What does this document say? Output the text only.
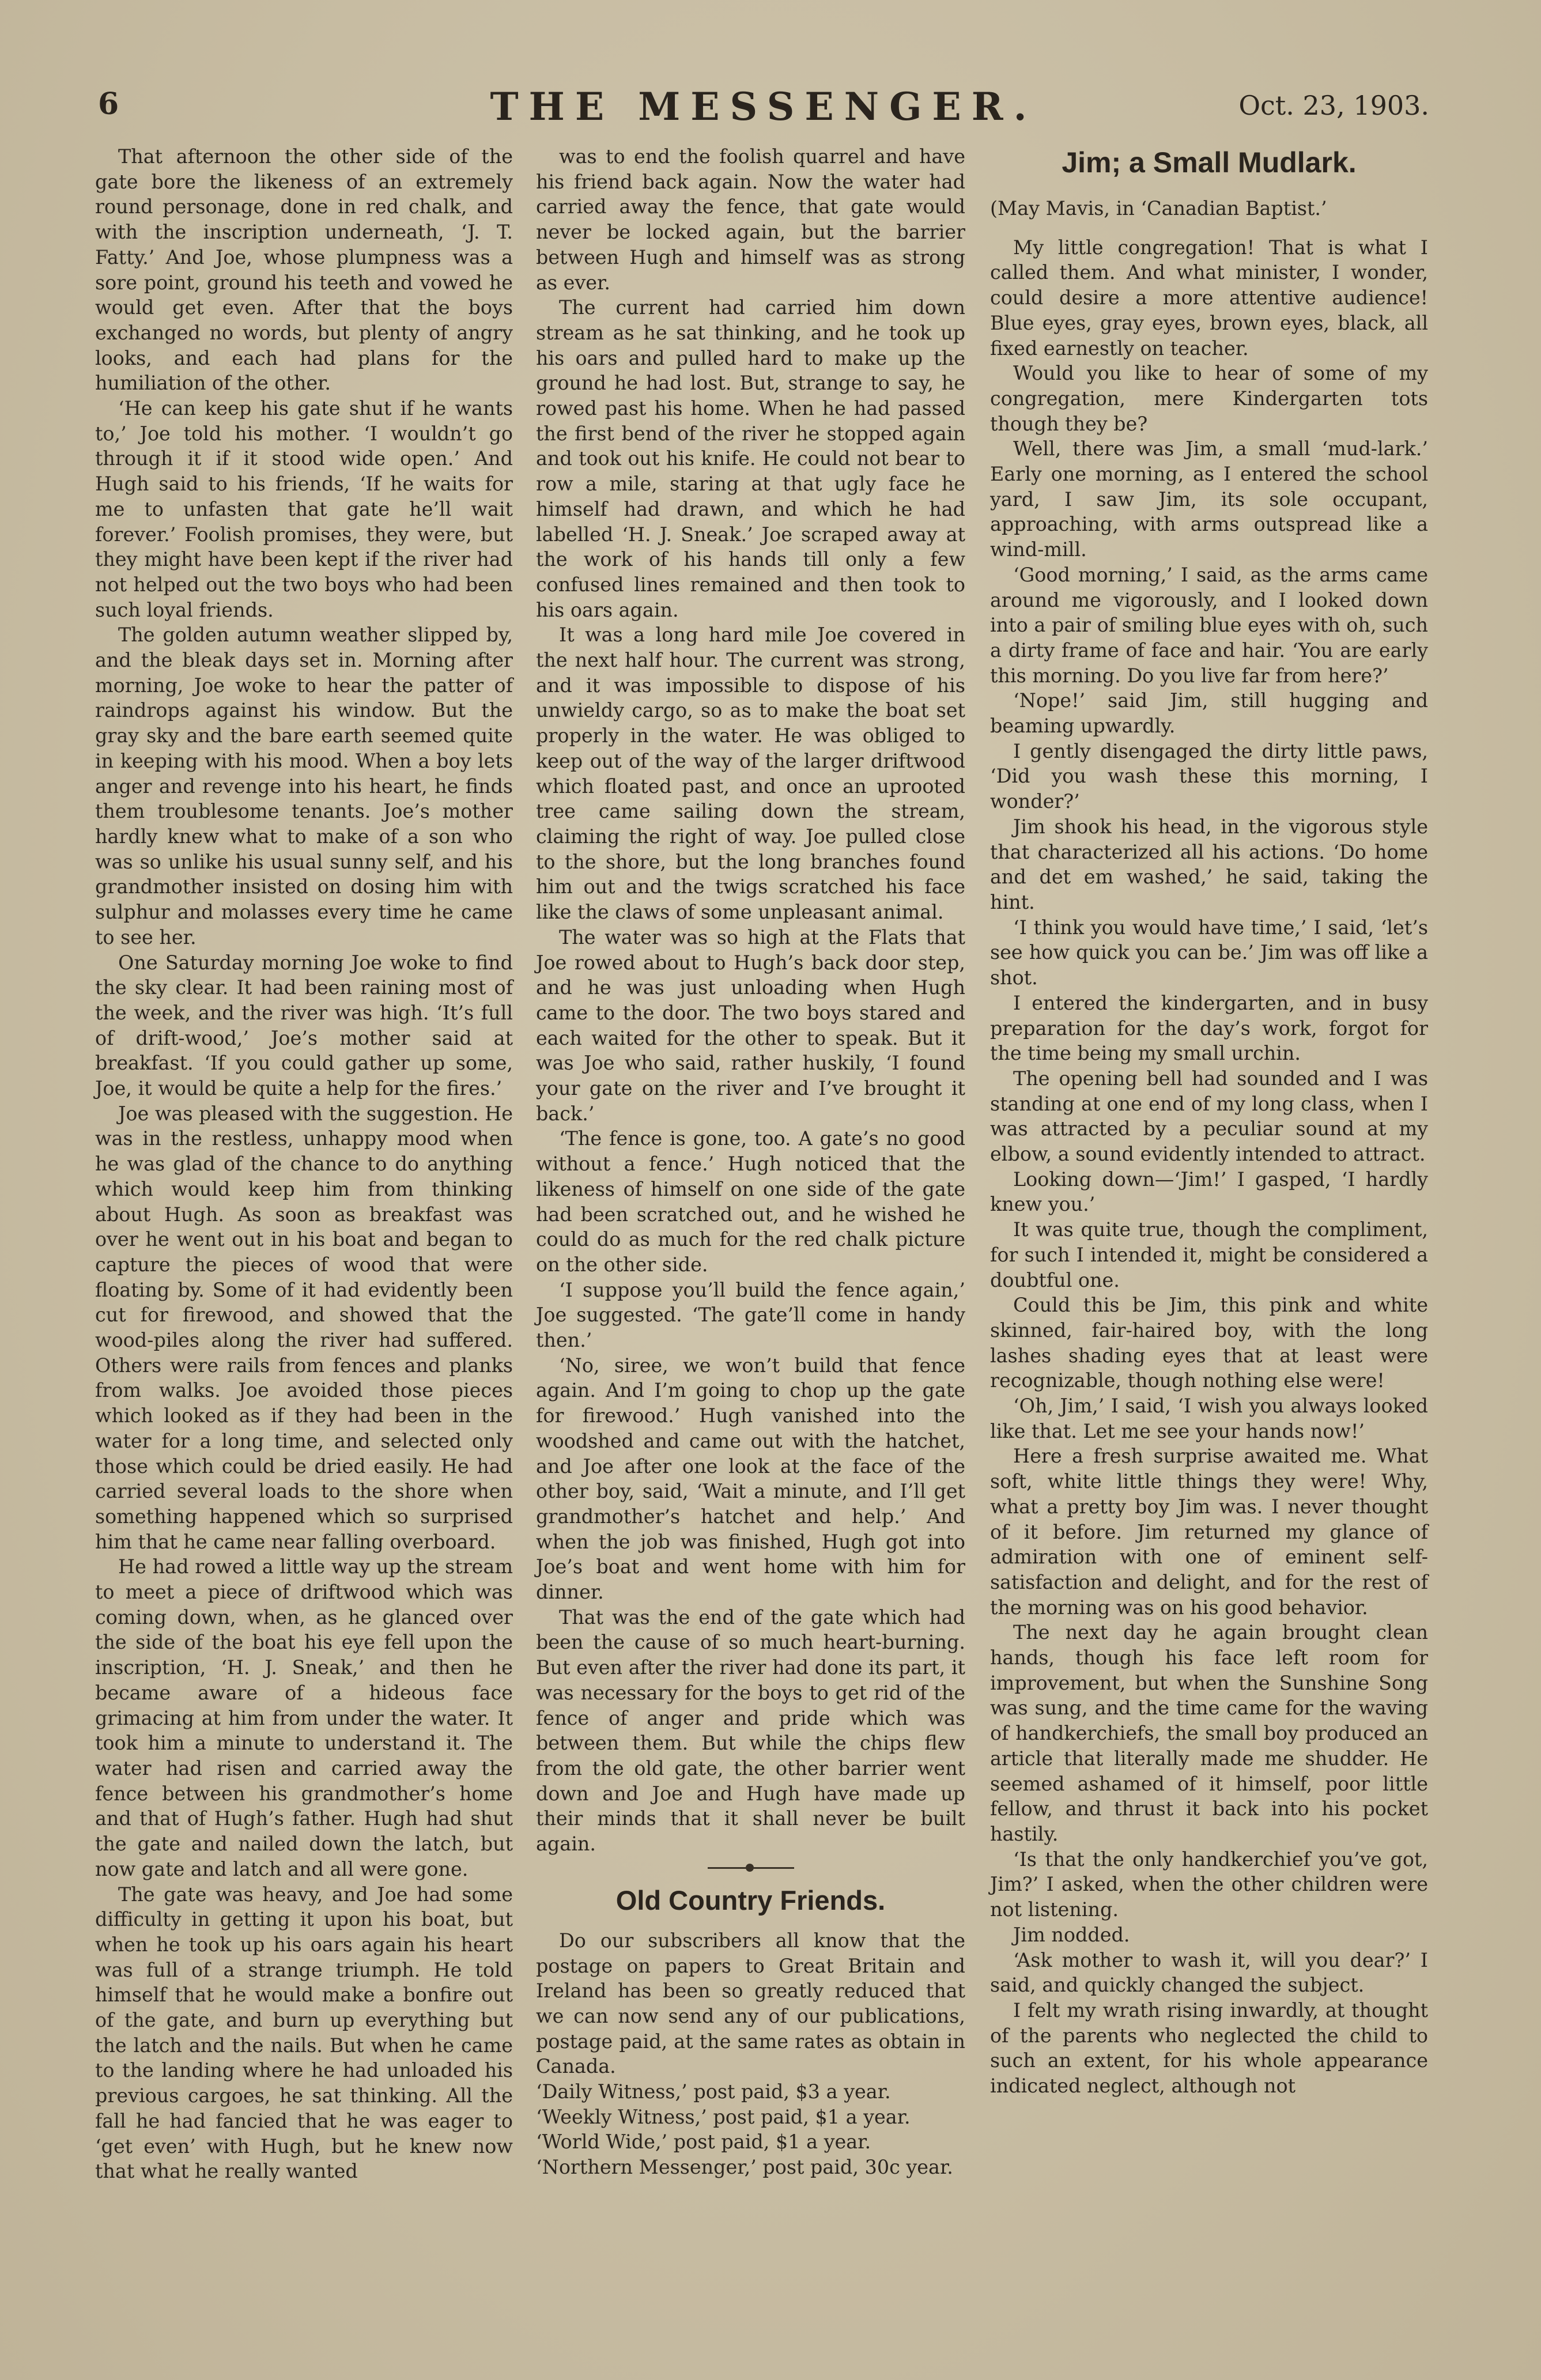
6	THE MESSENGER.	Oct. 23, 1903.

That afternoon the other side of the gate bore the likeness of an extremely round personage, done in red chalk, and with the inscription underneath, ‘J. T. Fatty.’ And Joe, whose plumpness was a sore point, ground his teeth and vowed he would get even. After that the boys exchanged no words, but plenty of angry looks, and each had plans for the humiliation of the other.

‘He can keep his gate shut if he wants to,’ Joe told his mother. ‘I wouldn’t go through it if it stood wide open.’ And Hugh said to his friends, ‘If he waits for me to unfasten that gate he’ll wait forever.’ Foolish promises, they were, but they might have been kept if the river had not helped out the two boys who had been such loyal friends.

The golden autumn weather slipped by, and the bleak days set in. Morning after morning, Joe woke to hear the patter of raindrops against his window. But the gray sky and the bare earth seemed quite in keeping with his mood. When a boy lets anger and revenge into his heart, he finds them troublesome tenants. Joe’s mother hardly knew what to make of a son who was so unlike his usual sunny self, and his grandmother insisted on dosing him with sulphur and molasses every time he came to see her.

One Saturday morning Joe woke to find the sky clear. It had been raining most of the week, and the river was high. ‘It’s full of drift-wood,’ Joe’s mother said at breakfast. ‘If you could gather up some, Joe, it would be quite a help for the fires.’

Joe was pleased with the suggestion. He was in the restless, unhappy mood when he was glad of the chance to do anything which would keep him from thinking about Hugh. As soon as breakfast was over he went out in his boat and began to capture the pieces of wood that were floating by. Some of it had evidently been cut for firewood, and showed that the wood-piles along the river had suffered. Others were rails from fences and planks from walks. Joe avoided those pieces which looked as if they had been in the water for a long time, and selected only those which could be dried easily. He had carried several loads to the shore when something happened which so surprised him that he came near falling overboard.

He had rowed a little way up the stream to meet a piece of driftwood which was coming down, when, as he glanced over the side of the boat his eye fell upon the inscription, ‘H. J. Sneak,’ and then he became aware of a hideous face grimacing at him from under the water. It took him a minute to understand it. The water had risen and carried away the fence between his grandmother’s home and that of Hugh’s father. Hugh had shut the gate and nailed down the latch, but now gate and latch and all were gone.

The gate was heavy, and Joe had some difficulty in getting it upon his boat, but when he took up his oars again his heart was full of a strange triumph. He told himself that he would make a bonfire out of the gate, and burn up everything but the latch and the nails. But when he came to the landing where he had unloaded his previous cargoes, he sat thinking. All the fall he had fancied that he was eager to ‘get even’ with Hugh, but he knew now that what he really wanted

was to end the foolish quarrel and have his friend back again. Now the water had carried away the fence, that gate would never be locked again, but the barrier between Hugh and himself was as strong as ever.

The current had carried him down stream as he sat thinking, and he took up his oars and pulled hard to make up the ground he had lost. But, strange to say, he rowed past his home. When he had passed the first bend of the river he stopped again and took out his knife. He could not bear to row a mile, staring at that ugly face he himself had drawn, and which he had labelled ‘H. J. Sneak.’ Joe scraped away at the work of his hands till only a few confused lines remained and then took to his oars again.

It was a long hard mile Joe covered in the next half hour. The current was strong, and it was impossible to dispose of his unwieldy cargo, so as to make the boat set properly in the water. He was obliged to keep out of the way of the larger driftwood which floated past, and once an uprooted tree came sailing down the stream, claiming the right of way. Joe pulled close to the shore, but the long branches found him out and the twigs scratched his face like the claws of some unpleasant animal.

The water was so high at the Flats that Joe rowed about to Hugh’s back door step, and he was just unloading when Hugh came to the door. The two boys stared and each waited for the other to speak. But it was Joe who said, rather huskily, ‘I found your gate on the river and I’ve brought it back.’

‘The fence is gone, too. A gate’s no good without a fence.’ Hugh noticed that the likeness of himself on one side of the gate had been scratched out, and he wished he could do as much for the red chalk picture on the other side.

‘I suppose you’ll build the fence again,’ Joe suggested. ‘The gate’ll come in handy then.’

‘No, siree, we won’t build that fence again. And I’m going to chop up the gate for firewood.’ Hugh vanished into the woodshed and came out with the hatchet, and Joe after one look at the face of the other boy, said, ‘Wait a minute, and I’ll get grandmother’s hatchet and help.’ And when the job was finished, Hugh got into Joe’s boat and went home with him for dinner.

That was the end of the gate which had been the cause of so much heart-burning. But even after the river had done its part, it was necessary for the boys to get rid of the fence of anger and pride which was between them. But while the chips flew from the old gate, the other barrier went down and Joe and Hugh have made up their minds that it shall never be built again.

Old Country Friends.

Do our subscribers all know that the postage on papers to Great Britain and Ireland has been so greatly reduced that we can now send any of our publications, postage paid, at the same rates as obtain in Canada.

‘Daily Witness,’ post paid, $3 a year.

‘Weekly Witness,’ post paid, $1 a year.

‘World Wide,’ post paid, $1 a year.

‘Northern Messenger,’ post paid, 30c year.

Jim; a Small Mudlark.

(May Mavis, in ‘Canadian Baptist.’

My little congregation! That is what I called them. And what minister, I wonder, could desire a more attentive audience! Blue eyes, gray eyes, brown eyes, black, all fixed earnestly on teacher.

Would you like to hear of some of my congregation, mere Kindergarten tots though they be?

Well, there was Jim, a small ‘mud-lark.’ Early one morning, as I entered the school yard, I saw Jim, its sole occupant, approaching, with arms outspread like a wind-mill.

‘Good morning,’ I said, as the arms came around me vigorously, and I looked down into a pair of smiling blue eyes with oh, such a dirty frame of face and hair. ‘You are early this morning. Do you live far from here?’

‘Nope!’ said Jim, still hugging and beaming upwardly.

I gently disengaged the dirty little paws, ‘Did you wash these this morning, I wonder?’

Jim shook his head, in the vigorous style that characterized all his actions. ‘Do home and det em washed,’ he said, taking the hint.

‘I think you would have time,’ I said, ‘let’s see how quick you can be.’ Jim was off like a shot.

I entered the kindergarten, and in busy preparation for the day’s work, forgot for the time being my small urchin.

The opening bell had sounded and I was standing at one end of my long class, when I was attracted by a peculiar sound at my elbow, a sound evidently intended to attract.

Looking down—‘Jim!’ I gasped, ‘I hardly knew you.’

It was quite true, though the compliment, for such I intended it, might be considered a doubtful one.

Could this be Jim, this pink and white skinned, fair-haired boy, with the long lashes shading eyes that at least were recognizable, though nothing else were!

‘Oh, Jim,’ I said, ‘I wish you always looked like that. Let me see your hands now!’

Here a fresh surprise awaited me. What soft, white little things they were! Why, what a pretty boy Jim was. I never thought of it before. Jim returned my glance of admiration with one of eminent self-satisfaction and delight, and for the rest of the morning was on his good behavior.

The next day he again brought clean hands, though his face left room for improvement, but when the Sunshine Song was sung, and the time came for the waving of handkerchiefs, the small boy produced an article that literally made me shudder. He seemed ashamed of it himself, poor little fellow, and thrust it back into his pocket hastily.

‘Is that the only handkerchief you’ve got, Jim?’ I asked, when the other children were not listening.

Jim nodded.

‘Ask mother to wash it, will you dear?’ I said, and quickly changed the subject.

I felt my wrath rising inwardly, at thought of the parents who neglected the child to such an extent, for his whole appearance indicated neglect, although not
